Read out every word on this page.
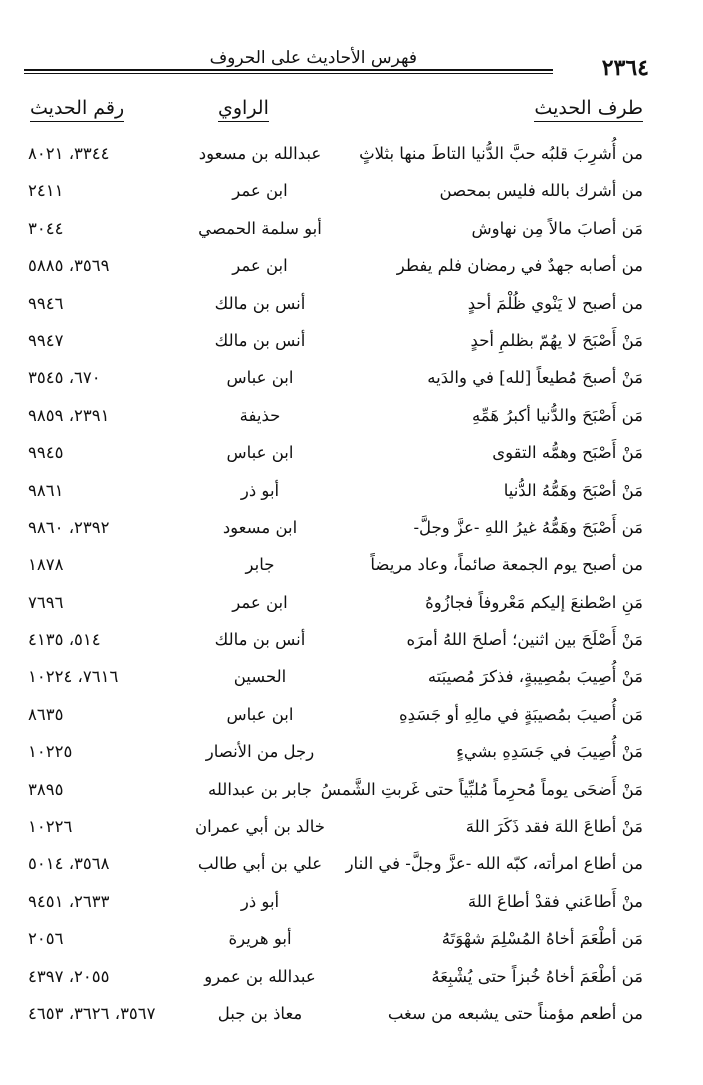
٢٣٦٤
فهرس الأحاديث على الحروف
طرف الحديث
الراوي
رقم الحديث
من أُشرِبَ قلبُه حبَّ الدُّنيا التاطَ منها بثلاثٍ
عبدالله بن مسعود
٣٣٤٤، ٨٠٢١
من أشرك بالله فليس بمحصن
ابن عمر
٢٤١١
مَن أصابَ مالاً مِن نهاوش
أبو سلمة الحمصي
٣٠٤٤
من أصابه جهدٌ في رمضان فلم يفطر
ابن عمر
٣٥٦٩، ٥٨٨٥
من أصبح لا يَنْوي ظُلْمَ أحدٍ
أنس بن مالك
٩٩٤٦
مَنْ أَصْبَحَ لا يهُمّ بظلمِ أحدٍ
أنس بن مالك
٩٩٤٧
مَنْ أصبحَ مُطيعاً [لله] في والدَيه
ابن عباس
٦٧٠، ٣٥٤٥
مَن أَصْبَحَ والدُّنيا أكبرُ هَمِّهِ
حذيفة
٢٣٩١، ٩٨٥٩
مَنْ أَصْبَح وهمُّه التقوى
ابن عباس
٩٩٤٥
مَنْ أصْبَحَ وهَمُّهُ الدُّنيا
أبو ذر
٩٨٦١
مَن أَصْبَحَ وهَمُّهُ غيرُ اللهِ -عزَّ وجلَّ-
ابن مسعود
٢٣٩٢، ٩٨٦٠
من أصبح يوم الجمعة صائماً، وعاد مريضاً
جابر
١٨٧٨
مَنِ اصْطنعَ إليكم مَعْروفاً فجازُوهُ
ابن عمر
٧٦٩٦
مَنْ أَصْلَحَ بين اثنين؛ أصلحَ اللهُ أمرَه
أنس بن مالك
٥١٤، ٤١٣٥
مَنْ أُصِيبَ بمُصِيبةٍ، فذكرَ مُصيبَته
الحسين
٧٦١٦، ١٠٢٢٤
مَن أُصيبَ بمُصيبَةٍ في مالِهِ أو جَسَدِهِ
ابن عباس
٨٦٣٥
مَنْ أُصِيبَ في جَسَدِهِ بشيءٍ
رجل من الأنصار
١٠٢٢٥
مَنْ أَضحَى يوماً مُحرِماً مُلبِّياً حتى غَربتِ الشَّمسُ
جابر بن عبدالله
٣٨٩٥
مَنْ أطاعَ اللهَ فقد ذَكَرَ اللهَ
خالد بن أبي عمران
١٠٢٢٦
من أطاع امرأته، كبّه الله -عزَّ وجلَّ- في النار
علي بن أبي طالب
٣٥٦٨، ٥٠١٤
منْ أَطاعَني فقدْ أطاعَ اللهَ
أبو ذر
٢٦٣٣، ٩٤٥١
مَن أطْعَمَ أخاهُ المُسْلِمَ شهْوَتَهُ
أبو هريرة
٢٠٥٦
مَن أطْعَمَ أخاهُ خُبزاً حتى يُشْبِعَهُ
عبدالله بن عمرو
٢٠٥٥، ٤٣٩٧
من أطعم مؤمناً حتى يشبعه من سغب
معاذ بن جبل
٣٥٦٧، ٣٦٢٦، ٤٦٥٣
